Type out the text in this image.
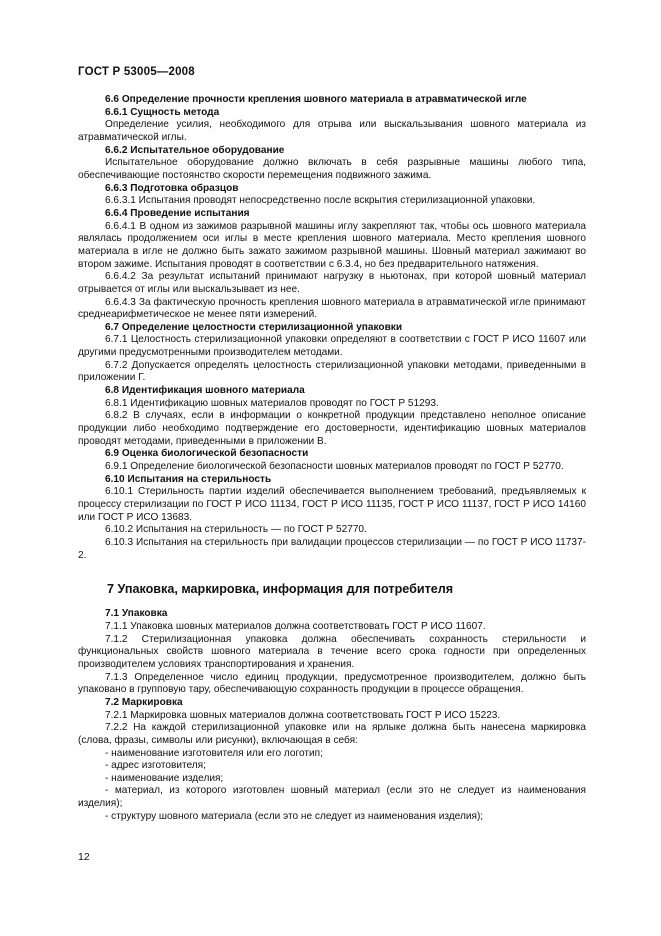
ГОСТ Р 53005—2008

6.6 Определение прочности крепления шовного материала в атравматической игле

6.6.1 Сущность метода

Определение усилия, необходимого для отрыва или выскальзывания шовного материала из атравматической иглы.

6.6.2 Испытательное оборудование

Испытательное оборудование должно включать в себя разрывные машины любого типа, обеспечивающие постоянство скорости перемещения подвижного зажима.

6.6.3 Подготовка образцов

6.6.3.1 Испытания проводят непосредственно после вскрытия стерилизационной упаковки.

6.6.4 Проведение испытания

6.6.4.1 В одном из зажимов разрывной машины иглу закрепляют так, чтобы ось шовного материала являлась продолжением оси иглы в месте крепления шовного материала. Место крепления шовного материала в игле не должно быть зажато зажимом разрывной машины. Шовный материал зажимают во втором зажиме. Испытания проводят в соответствии с 6.3.4, но без предварительного натяжения.

6.6.4.2 За результат испытаний принимают нагрузку в ньютонах, при которой шовный материал отрывается от иглы или выскальзывает из нее.

6.6.4.3 За фактическую прочность крепления шовного материала в атравматической игле принимают среднеарифметическое не менее пяти измерений.

6.7 Определение целостности стерилизационной упаковки

6.7.1 Целостность стерилизационной упаковки определяют в соответствии с ГОСТ Р ИСО 11607 или другими предусмотренными производителем методами.

6.7.2 Допускается определять целостность стерилизационной упаковки методами, приведенными в приложении Г.

6.8 Идентификация шовного материала

6.8.1 Идентификацию шовных материалов проводят по ГОСТ Р 51293.

6.8.2 В случаях, если в информации о конкретной продукции представлено неполное описание продукции либо необходимо подтверждение его достоверности, идентификацию шовных материалов проводят методами, приведенными в приложении В.

6.9 Оценка биологической безопасности

6.9.1 Определение биологической безопасности шовных материалов проводят по ГОСТ Р 52770.

6.10 Испытания на стерильность

6.10.1 Стерильность партии изделий обеспечивается выполнением требований, предъявляемых к процессу стерилизации по ГОСТ Р ИСО 11134, ГОСТ Р ИСО 11135, ГОСТ Р ИСО 11137, ГОСТ Р ИСО 14160 или ГОСТ Р ИСО 13683.

6.10.2 Испытания на стерильность — по ГОСТ Р 52770.

6.10.3 Испытания на стерильность при валидации процессов стерилизации — по ГОСТ Р ИСО 11737-2.

7 Упаковка, маркировка, информация для потребителя

7.1 Упаковка

7.1.1 Упаковка шовных материалов должна соответствовать ГОСТ Р ИСО 11607.

7.1.2 Стерилизационная упаковка должна обеспечивать сохранность стерильности и функциональных свойств шовного материала в течение всего срока годности при определенных производителем условиях транспортирования и хранения.

7.1.3 Определенное число единиц продукции, предусмотренное производителем, должно быть упаковано в групповую тару, обеспечивающую сохранность продукции в процессе обращения.

7.2 Маркировка

7.2.1 Маркировка шовных материалов должна соответствовать ГОСТ Р ИСО 15223.

7.2.2 На каждой стерилизационной упаковке или на ярлыке должна быть нанесена маркировка (слова, фразы, символы или рисунки), включающая в себя:

- наименование изготовителя или его логотип;

- адрес изготовителя;

- наименование изделия;

- материал, из которого изготовлен шовный материал (если это не следует из наименования изделия);

- структуру шовного материала (если это не следует из наименования изделия);

12
